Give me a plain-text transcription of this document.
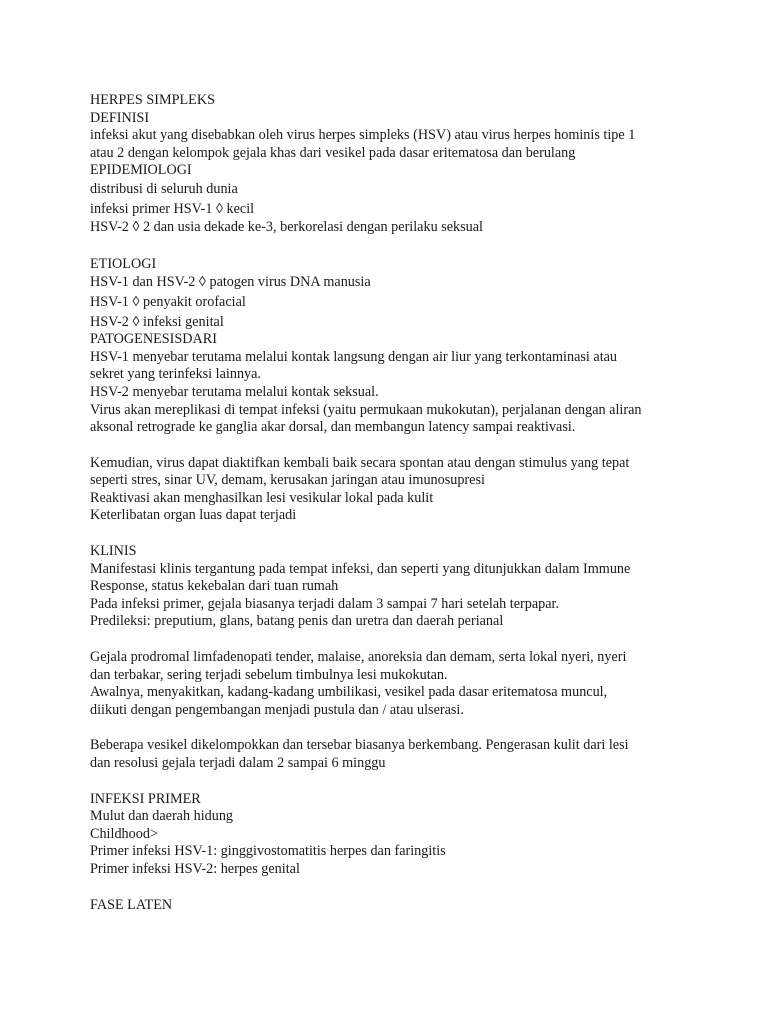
HERPES SIMPLEKS

DEFINISI

infeksi akut yang disebabkan oleh virus herpes simpleks (HSV) atau virus herpes hominis tipe 1

atau 2 dengan kelompok gejala khas dari vesikel pada dasar eritematosa dan berulang

EPIDEMIOLOGI

distribusi di seluruh dunia

infeksi primer HSV-1 ◊ kecil

HSV-2 ◊ 2 dan usia dekade ke-3, berkorelasi dengan perilaku seksual

ETIOLOGI

HSV-1 dan HSV-2 ◊ patogen virus DNA manusia

HSV-1 ◊ penyakit orofacial

HSV-2 ◊ infeksi genital

PATOGENESISDARI

HSV-1 menyebar terutama melalui kontak langsung dengan air liur yang terkontaminasi atau

sekret yang terinfeksi lainnya.

HSV-2 menyebar terutama melalui kontak seksual.

Virus akan mereplikasi di tempat infeksi (yaitu permukaan mukokutan), perjalanan dengan aliran

aksonal retrograde ke ganglia akar dorsal, dan membangun latency sampai reaktivasi.

Kemudian, virus dapat diaktifkan kembali baik secara spontan atau dengan stimulus yang tepat

seperti stres, sinar UV, demam, kerusakan jaringan atau imunosupresi

Reaktivasi akan menghasilkan lesi vesikular lokal pada kulit

Keterlibatan organ luas dapat terjadi

KLINIS

Manifestasi klinis tergantung pada tempat infeksi, dan seperti yang ditunjukkan dalam Immune

Response, status kekebalan dari tuan rumah

Pada infeksi primer, gejala biasanya terjadi dalam 3 sampai 7 hari setelah terpapar.

Predileksi: preputium, glans, batang penis dan uretra dan daerah perianal

Gejala prodromal limfadenopati tender, malaise, anoreksia dan demam, serta lokal nyeri, nyeri

dan terbakar, sering terjadi sebelum timbulnya lesi mukokutan.

Awalnya, menyakitkan, kadang-kadang umbilikasi, vesikel pada dasar eritematosa muncul,

diikuti dengan pengembangan menjadi pustula dan / atau ulserasi.

Beberapa vesikel dikelompokkan dan tersebar biasanya berkembang. Pengerasan kulit dari lesi

dan resolusi gejala terjadi dalam 2 sampai 6 minggu

INFEKSI PRIMER

Mulut dan daerah hidung

Childhood>

Primer infeksi HSV-1: ginggivostomatitis herpes dan faringitis

Primer infeksi HSV-2: herpes genital

FASE LATEN
